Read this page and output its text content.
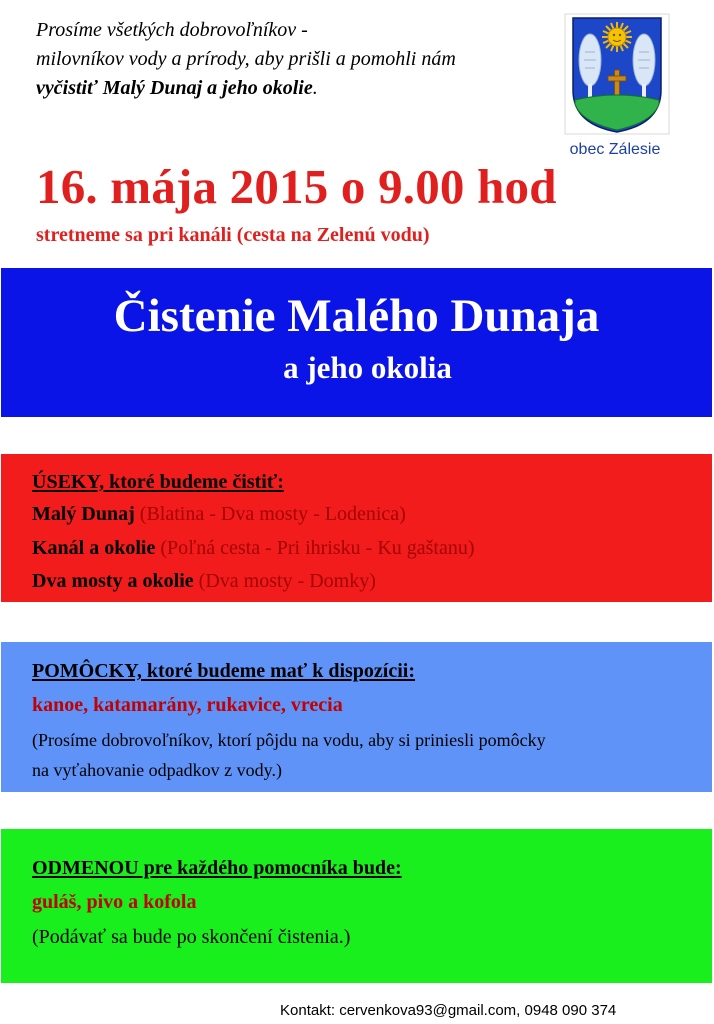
Prosíme všetkých dobrovoľníkov -
milovníkov vody a prírody, aby prišli a pomohli nám
vyčistiť Malý Dunaj a jeho okolie.
obec Zálesie
16. mája 2015 o 9.00 hod
stretneme sa pri kanáli (cesta na Zelenú vodu)
Čistenie Malého Dunaja
a jeho okolia
ÚSEKY, ktoré budeme čistiť:
Malý Dunaj (Blatina - Dva mosty - Lodenica)
Kanál a okolie (Poľná cesta - Pri ihrisku - Ku gaštanu)
Dva mosty a okolie (Dva mosty - Domky)
POMÔCKY, ktoré budeme mať k dispozícii:
kanoe, katamarány, rukavice, vrecia
(Prosíme dobrovoľníkov, ktorí pôjdu na vodu, aby si priniesli pomôcky
na vyťahovanie odpadkov z vody.)
ODMENOU pre každého pomocníka bude:
guláš, pivo a kofola
(Podávať sa bude po skončení čistenia.)
Kontakt: cervenkova93@gmail.com, 0948 090 374
